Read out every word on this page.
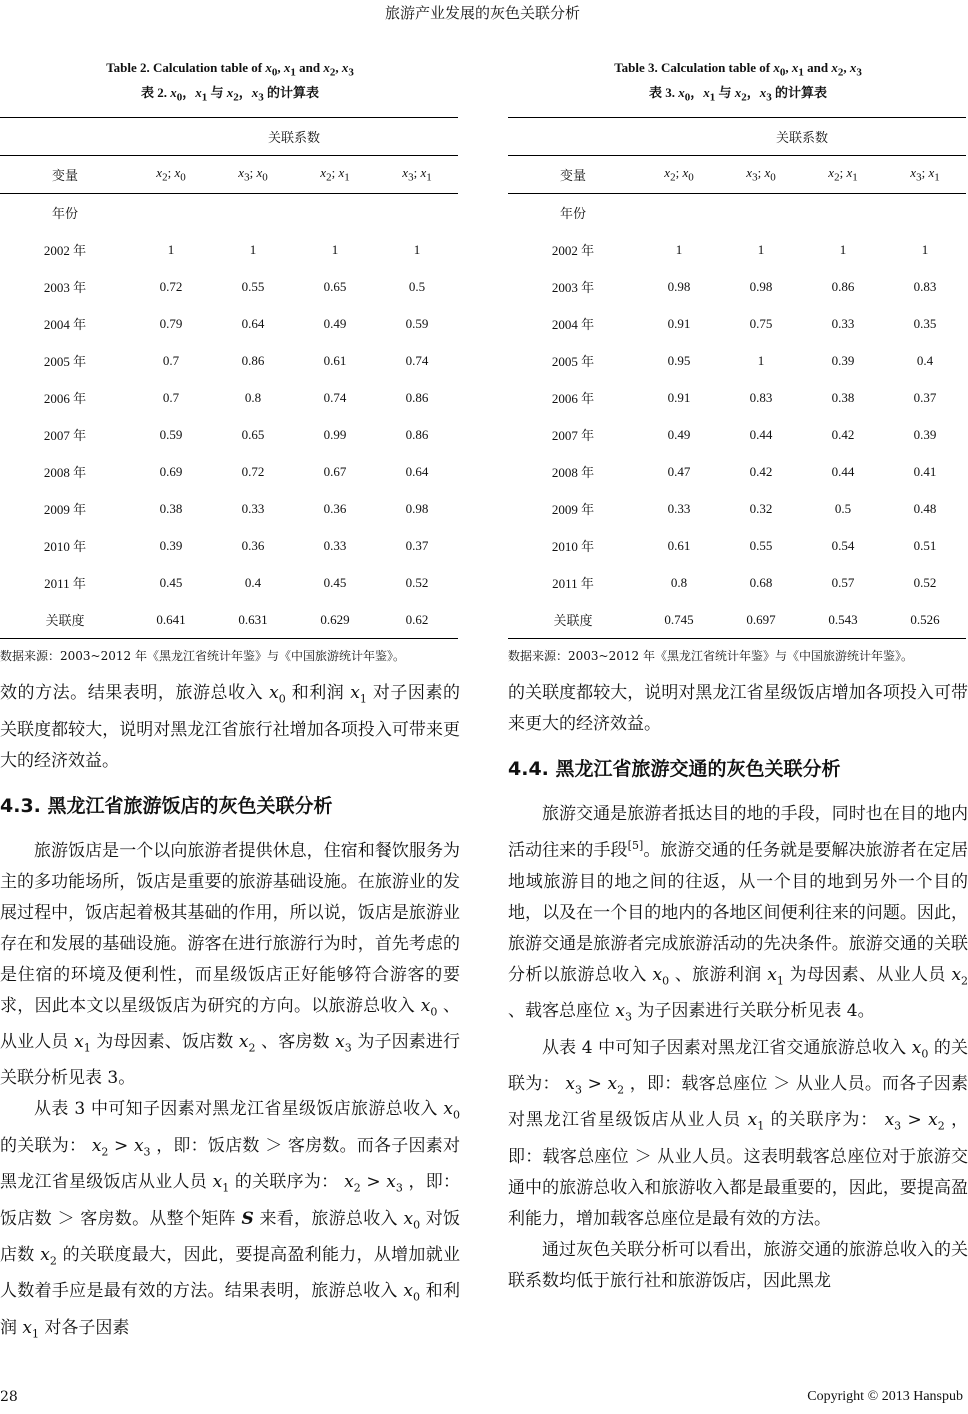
旅游产业发展的灰色关联分析
Table 2. Calculation table of $x_0$, $x_1$ and $x_2$, $x_3$
表 2. $x_0$，$x_1$ 与 $x_2$，$x_3$ 的计算表
	关联系数			
变量	$x_2$; $x_0$	$x_3$; $x_0$	$x_2$; $x_1$	$x_3$; $x_1$
年份				
2002 年	1	1	1	1
2003 年	0.72	0.55	0.65	0.5
2004 年	0.79	0.64	0.49	0.59
2005 年	0.7	0.86	0.61	0.74
2006 年	0.7	0.8	0.74	0.86
2007 年	0.59	0.65	0.99	0.86
2008 年	0.69	0.72	0.67	0.64
2009 年	0.38	0.33	0.36	0.98
2010 年	0.39	0.36	0.33	0.37
2011 年	0.45	0.4	0.45	0.52
关联度	0.641	0.631	0.629	0.62
数据来源：2003~2012 年《黑龙江省统计年鉴》与《中国旅游统计年鉴》。

效的方法。结果表明，旅游总收入 $x_0$ 和利润 $x_1$ 对子因素的关联度都较大，说明对黑龙江省旅行社增加各项投入可带来更大的经济效益。

4.3. 黑龙江省旅游饭店的灰色关联分析

旅游饭店是一个以向旅游者提供休息，住宿和餐饮服务为主的多功能场所，饭店是重要的旅游基础设施。在旅游业的发展过程中，饭店起着极其基础的作用，所以说，饭店是旅游业存在和发展的基础设施。游客在进行旅游行为时，首先考虑的是住宿的环境及便利性，而星级饭店正好能够符合游客的要求，因此本文以星级饭店为研究的方向。以旅游总收入 $x_0$ 、从业人员 $x_1$ 为母因素、饭店数 $x_2$ 、客房数 $x_3$ 为子因素进行关联分析见表 3。

从表 3 中可知子因素对黑龙江省星级饭店旅游总收入 $x_0$ 的关联为： $x_2 > x_3$ ，即：饭店数 ＞ 客房数。而各子因素对黑龙江省星级饭店从业人员 $x_1$ 的关联序为： $x_2 > x_3$ ，即：饭店数 ＞ 客房数。从整个矩阵 S 来看，旅游总收入 $x_0$ 对饭店数 $x_2$ 的关联度最大，因此，要提高盈利能力，从增加就业人数着手应是最有效的方法。结果表明，旅游总收入 $x_0$ 和利润 $x_1$ 对各子因素

Table 3. Calculation table of $x_0$, $x_1$ and $x_2$, $x_3$
表 3. $x_0$，$x_1$ 与 $x_2$，$x_3$ 的计算表
	关联系数			
变量	$x_2$; $x_0$	$x_3$; $x_0$	$x_2$; $x_1$	$x_3$; $x_1$
年份				
2002 年	1	1	1	1
2003 年	0.98	0.98	0.86	0.83
2004 年	0.91	0.75	0.33	0.35
2005 年	0.95	1	0.39	0.4
2006 年	0.91	0.83	0.38	0.37
2007 年	0.49	0.44	0.42	0.39
2008 年	0.47	0.42	0.44	0.41
2009 年	0.33	0.32	0.5	0.48
2010 年	0.61	0.55	0.54	0.51
2011 年	0.8	0.68	0.57	0.52
关联度	0.745	0.697	0.543	0.526
数据来源：2003~2012 年《黑龙江省统计年鉴》与《中国旅游统计年鉴》。

的关联度都较大，说明对黑龙江省星级饭店增加各项投入可带来更大的经济效益。

4.4. 黑龙江省旅游交通的灰色关联分析

旅游交通是旅游者抵达目的地的手段，同时也在目的地内活动往来的手段[5]。旅游交通的任务就是要解决旅游者在定居地域旅游目的地之间的往返，从一个目的地到另外一个目的地，以及在一个目的地内的各地区间便利往来的问题。因此，旅游交通是旅游者完成旅游活动的先决条件。旅游交通的关联分析以旅游总收入 $x_0$ 、旅游利润 $x_1$ 为母因素、从业人员 $x_2$ 、载客总座位 $x_3$ 为子因素进行关联分析见表 4。

从表 4 中可知子因素对黑龙江省交通旅游总收入 $x_0$ 的关联为： $x_3 > x_2$ ，即：载客总座位 ＞ 从业人员。而各子因素对黑龙江省星级饭店从业人员 $x_1$ 的关联序为： $x_3 > x_2$ ，即：载客总座位 ＞ 从业人员。这表明载客总座位对于旅游交通中的旅游总收入和旅游收入都是最重要的，因此，要提高盈利能力，增加载客总座位是最有效的方法。

通过灰色关联分析可以看出，旅游交通的旅游总收入的关联系数均低于旅行社和旅游饭店，因此黑龙

28	Copyright © 2013 Hanspub
